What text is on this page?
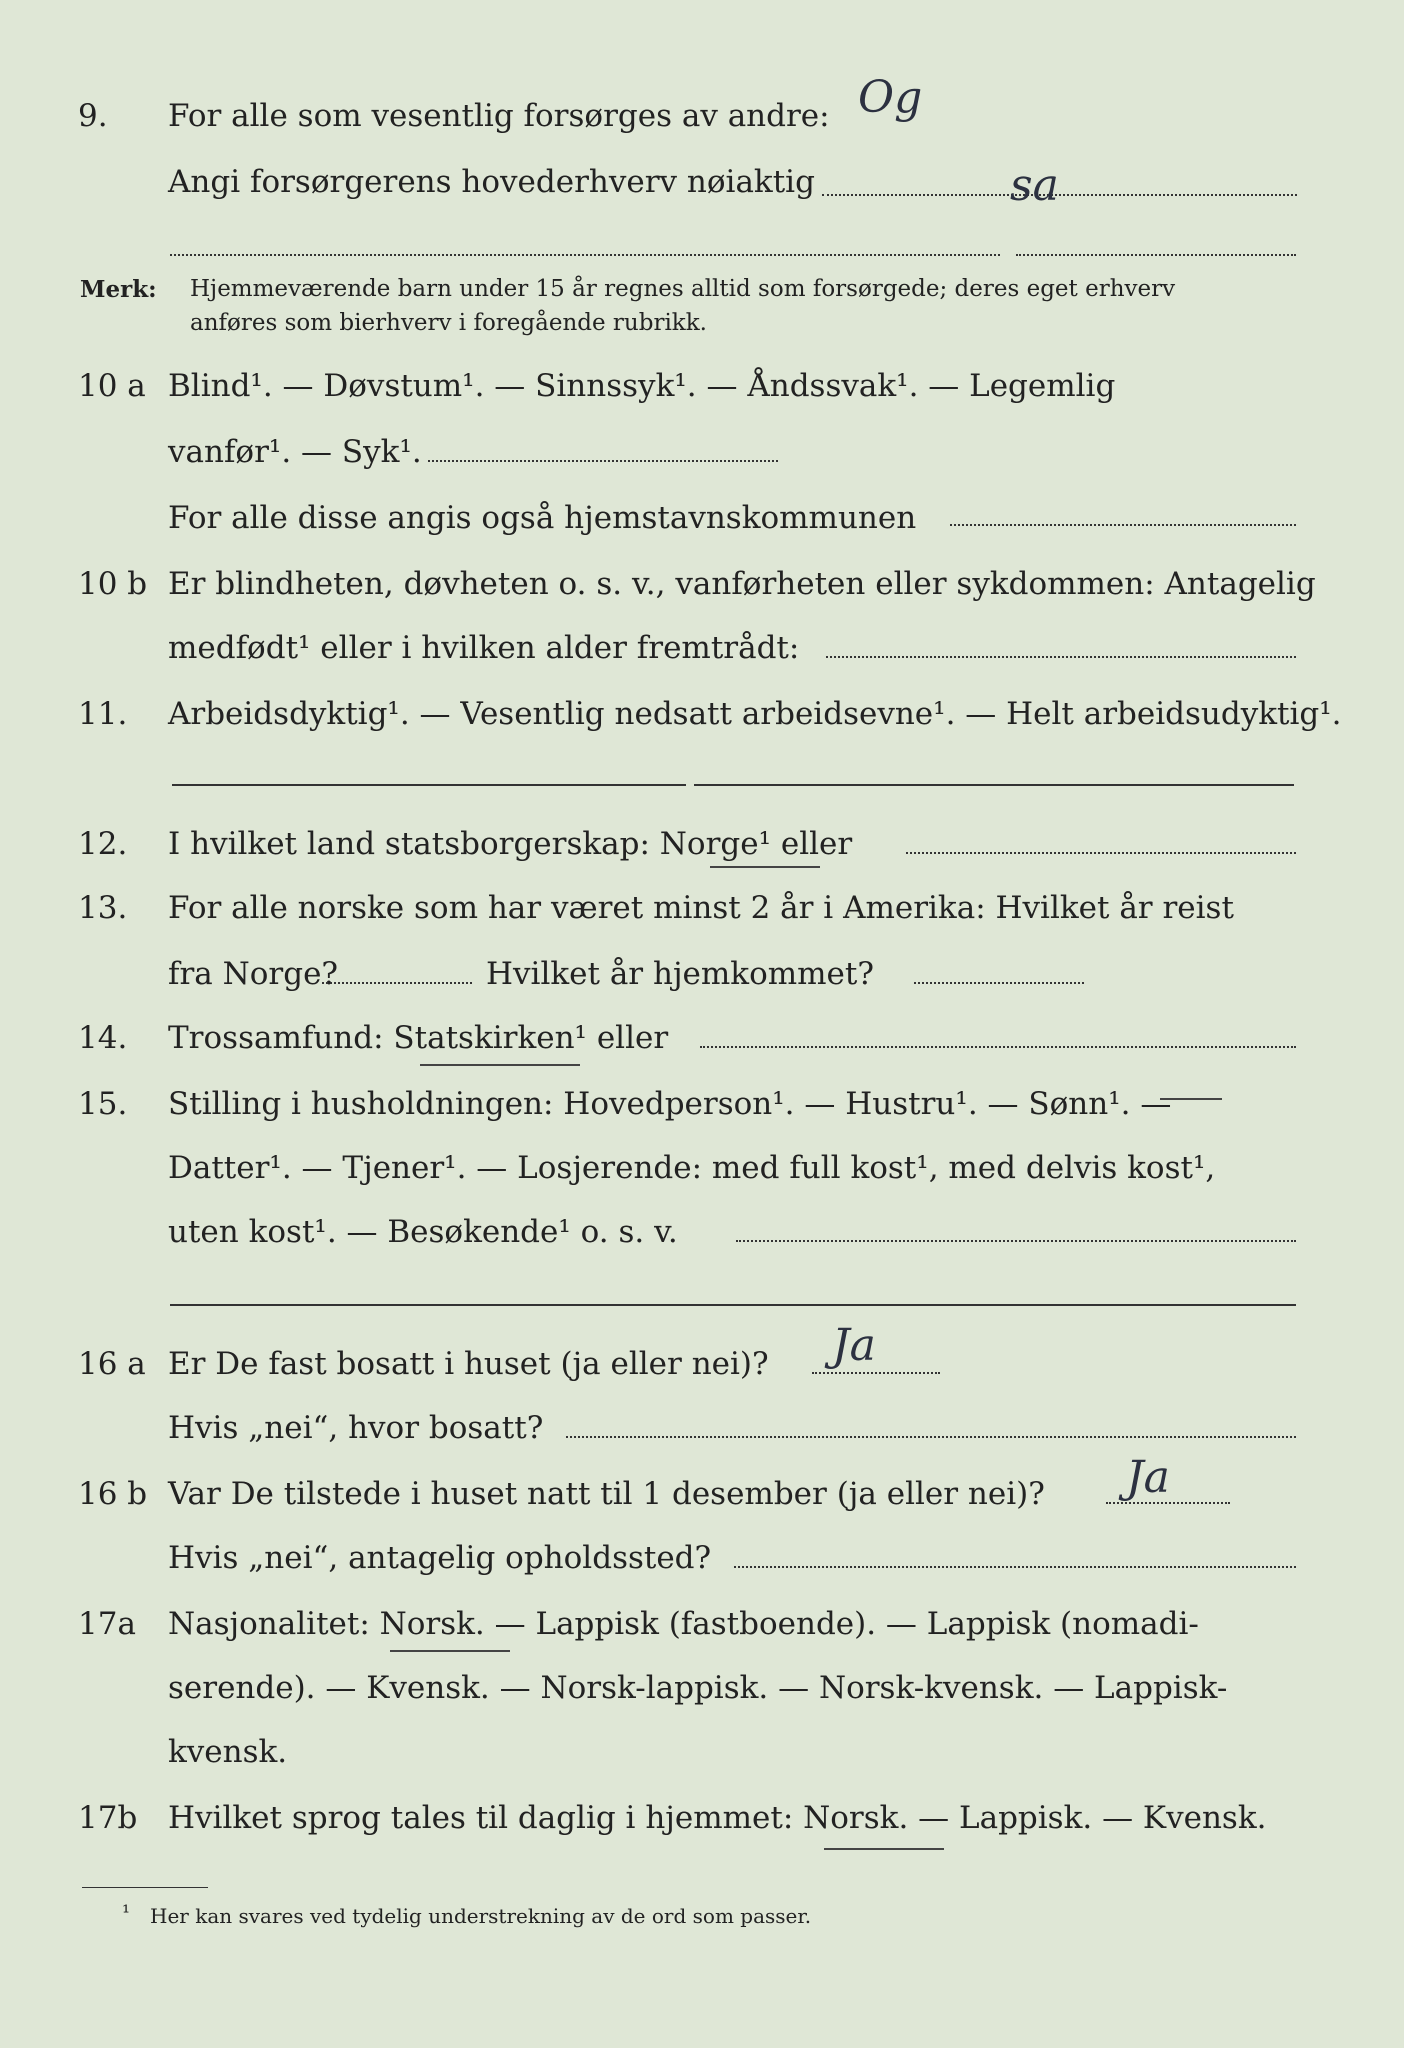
9. For alle som vesentlig forsørges av andre: Og
Angi forsørgerens hovederhverv nøiaktig	sa
Merk: Hjemmeværende barn under 15 år regnes alltid som forsørgede; deres eget erhverv
anføres som bierhverv i foregående rubrikk.
10 a Blind¹. — Døvstum¹. — Sinnssyk¹. — Åndssvak¹. — Legemlig
vanfør¹. — Syk¹.
For alle disse angis også hjemstavnskommunen
10 b Er blindheten, døvheten o. s. v., vanførheten eller sykdommen: Antagelig
medfødt¹ eller i hvilken alder fremtrådt:
11. Arbeidsdyktig¹. — Vesentlig nedsatt arbeidsevne¹. — Helt arbeidsudyktig¹.
12. I hvilket land statsborgerskap: Norge¹ eller
13. For alle norske som har været minst 2 år i Amerika: Hvilket år reist
fra Norge?	Hvilket år hjemkommet?
14. Trossamfund: Statskirken¹ eller
15. Stilling i husholdningen: Hovedperson¹. — Hustru¹. — Sønn¹. —
Datter¹. — Tjener¹. — Losjerende: med full kost¹, med delvis kost¹,
uten kost¹. — Besøkende¹ o. s. v.
16 a Er De fast bosatt i huset (ja eller nei)? Ja
Hvis „nei“, hvor bosatt?
16 b Var De tilstede i huset natt til 1 desember (ja eller nei)? Ja
Hvis „nei“, antagelig opholdssted?
17a Nasjonalitet: Norsk. — Lappisk (fastboende). — Lappisk (nomadi-
serende). — Kvensk. — Norsk-lappisk. — Norsk-kvensk. — Lappisk-
kvensk.
17b Hvilket sprog tales til daglig i hjemmet: Norsk. — Lappisk. — Kvensk.
¹ Her kan svares ved tydelig understrekning av de ord som passer.
